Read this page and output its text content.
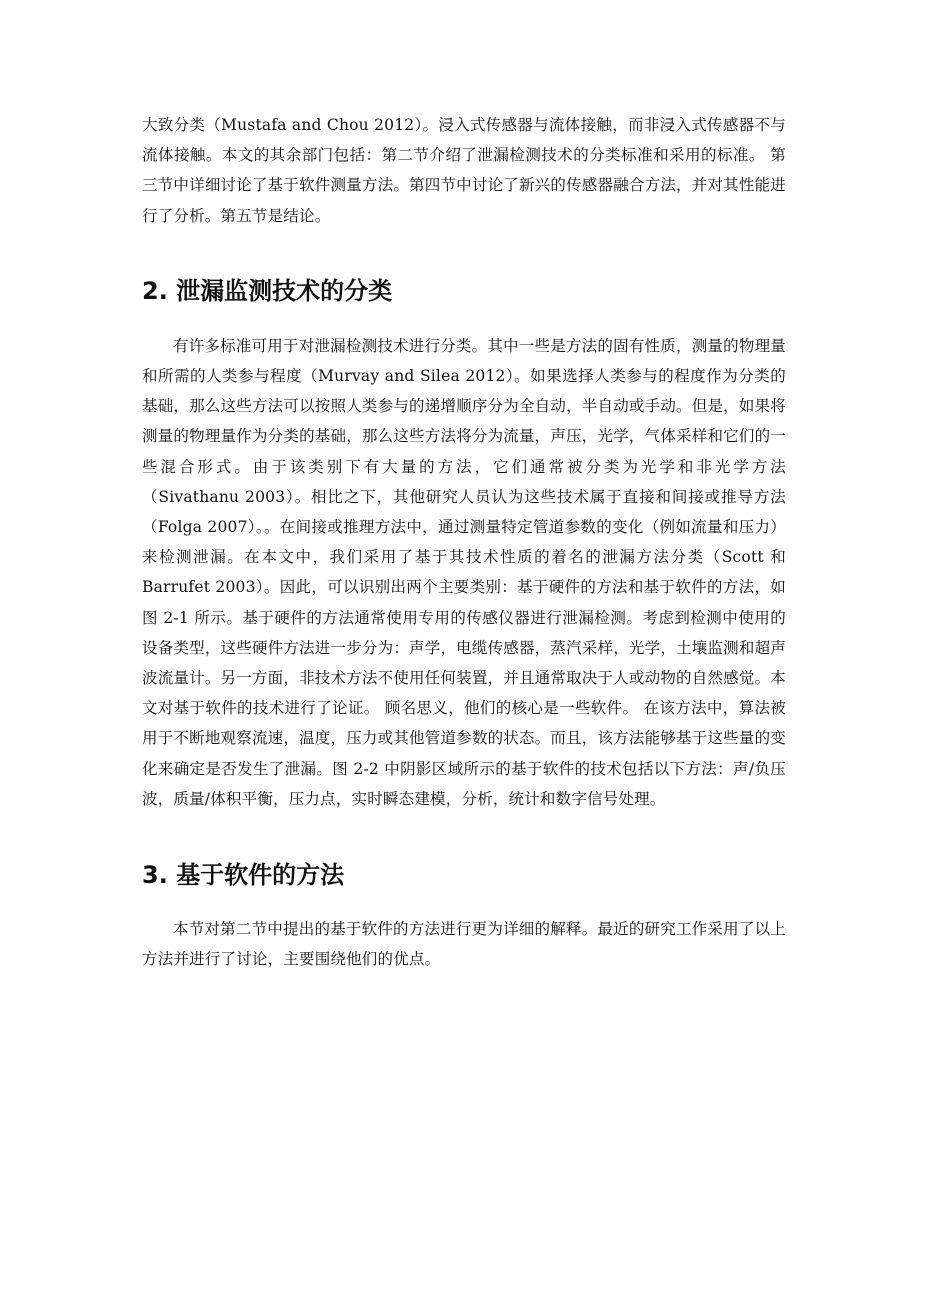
大致分类（Mustafa and Chou 2012）。浸入式传感器与流体接触，而非浸入式传感器不与流体接触。本文的其余部门包括：第二节介绍了泄漏检测技术的分类标准和采用的标准。 第三节中详细讨论了基于软件测量方法。第四节中讨论了新兴的传感器融合方法，并对其性能进行了分析。第五节是结论。

2. 泄漏监测技术的分类

有许多标准可用于对泄漏检测技术进行分类。其中一些是方法的固有性质，测量的物理量和所需的人类参与程度（Murvay and Silea 2012）。如果选择人类参与的程度作为分类的基础，那么这些方法可以按照人类参与的递增顺序分为全自动，半自动或手动。但是，如果将测量的物理量作为分类的基础，那么这些方法将分为流量，声压，光学，气体采样和它们的一些混合形式。由于该类别下有大量的方法，它们通常被分类为光学和非光学方法（Sivathanu 2003）。相比之下，其他研究人员认为这些技术属于直接和间接或推导方法（Folga 2007）。。在间接或推理方法中，通过测量特定管道参数的变化（例如流量和压力）来检测泄漏。在本文中，我们采用了基于其技术性质的着名的泄漏方法分类（Scott 和 Barrufet 2003）。因此，可以识别出两个主要类别：基于硬件的方法和基于软件的方法，如图 2-1 所示。基于硬件的方法通常使用专用的传感仪器进行泄漏检测。考虑到检测中使用的设备类型，这些硬件方法进一步分为：声学，电缆传感器，蒸汽采样，光学，土壤监测和超声波流量计。另一方面，非技术方法不使用任何装置，并且通常取决于人或动物的自然感觉。本文对基于软件的技术进行了论证。 顾名思义，他们的核心是一些软件。 在该方法中，算法被用于不断地观察流速，温度，压力或其他管道参数的状态。而且，该方法能够基于这些量的变化来确定是否发生了泄漏。图 2-2 中阴影区域所示的基于软件的技术包括以下方法：声/负压波，质量/体积平衡，压力点，实时瞬态建模，分析，统计和数字信号处理。

3. 基于软件的方法

本节对第二节中提出的基于软件的方法进行更为详细的解释。最近的研究工作采用了以上方法并进行了讨论，主要围绕他们的优点。
